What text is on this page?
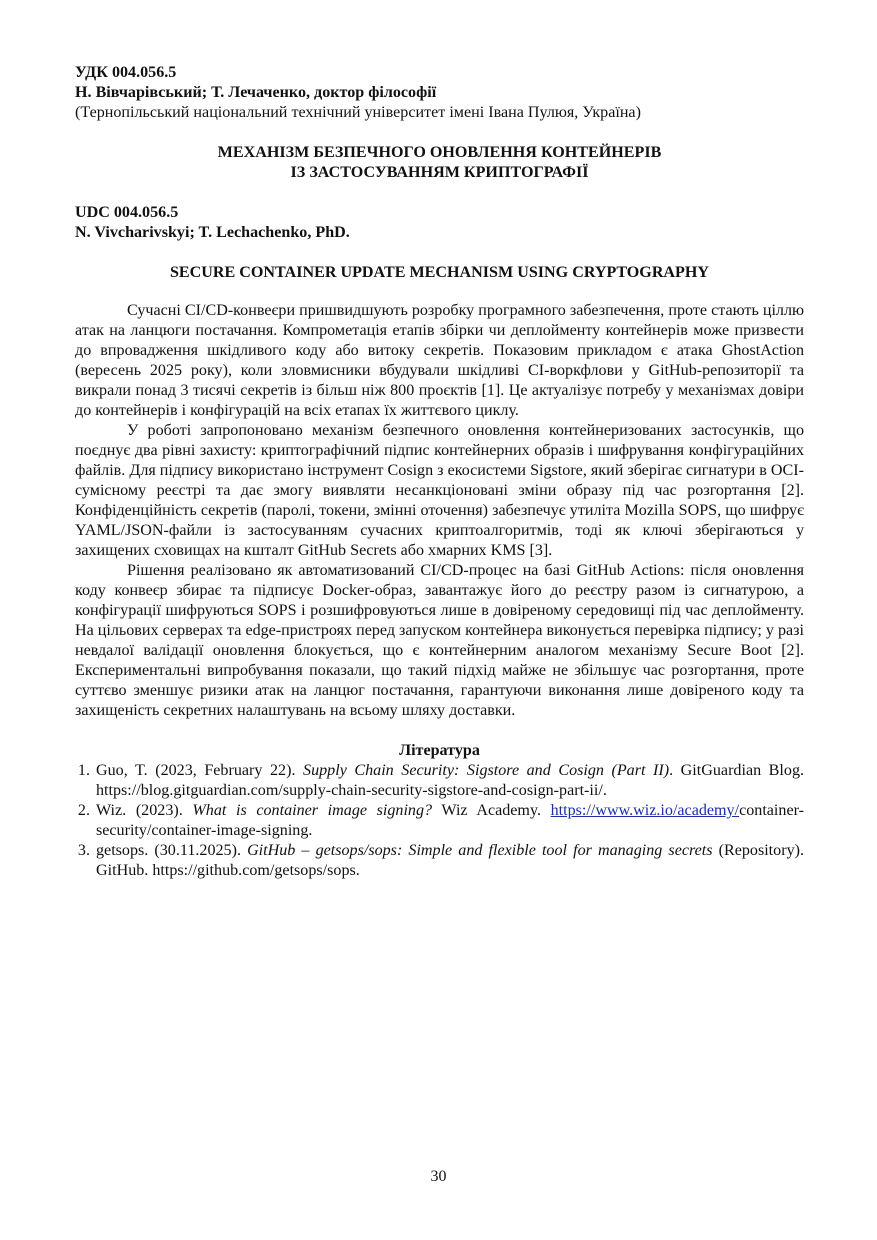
УДК 004.056.5
Н. Вівчарівський; Т. Лечаченко, доктор філософії
(Тернопільський національний технічний університет імені Івана Пулюя, Україна)
МЕХАНІЗМ БЕЗПЕЧНОГО ОНОВЛЕННЯ КОНТЕЙНЕРІВ
ІЗ ЗАСТОСУВАННЯМ КРИПТОГРАФІЇ
UDC 004.056.5
N. Vivcharivskyi; T. Lechachenko, PhD.
SECURE CONTAINER UPDATE MECHANISM USING CRYPTOGRAPHY

Сучасні CI/CD-конвеєри пришвидшують розробку програмного забезпечення, проте стають ціллю атак на ланцюги постачання. Компрометація етапів збірки чи деплойменту контейнерів може призвести до впровадження шкідливого коду або витоку секретів. Показовим прикладом є атака GhostAction (вересень 2025 року), коли зловмисники вбудували шкідливі CI-воркфлови у GitHub-репозиторії та викрали понад 3 тисячі секретів із більш ніж 800 проєктів [1]. Це актуалізує потребу у механізмах довіри до контейнерів і конфігурацій на всіх етапах їх життєвого циклу.

У роботі запропоновано механізм безпечного оновлення контейнеризованих застосунків, що поєднує два рівні захисту: криптографічний підпис контейнерних образів і шифрування конфігураційних файлів. Для підпису використано інструмент Cosign з екосистеми Sigstore, який зберігає сигнатури в OCI-сумісному реєстрі та дає змогу виявляти несанкціоновані зміни образу під час розгортання [2]. Конфіденційність секретів (паролі, токени, змінні оточення) забезпечує утиліта Mozilla SOPS, що шифрує YAML/JSON-файли із застосуванням сучасних криптоалгоритмів, тоді як ключі зберігаються у захищених сховищах на кшталт GitHub Secrets або хмарних KMS [3].

Рішення реалізовано як автоматизований CI/CD-процес на базі GitHub Actions: після оновлення коду конвеєр збирає та підписує Docker-образ, завантажує його до реєстру разом із сигнатурою, а конфігурації шифруються SOPS і розшифровуються лише в довіреному середовищі під час деплойменту. На цільових серверах та edge-пристроях перед запуском контейнера виконується перевірка підпису; у разі невдалої валідації оновлення блокується, що є контейнерним аналогом механізму Secure Boot [2]. Експериментальні випробування показали, що такий підхід майже не збільшує час розгортання, проте суттєво зменшує ризики атак на ланцюг постачання, гарантуючи виконання лише довіреного коду та захищеність секретних налаштувань на всьому шляху доставки.

Література
1. Guo, T. (2023, February 22). Supply Chain Security: Sigstore and Cosign (Part II). GitGuardian Blog. https://blog.gitguardian.com/supply-chain-security-sigstore-and-cosign-part-ii/.
2. Wiz. (2023). What is container image signing? Wiz Academy. https://www.wiz.io/academy/container-security/container-image-signing.
3. getsops. (30.11.2025). GitHub – getsops/sops: Simple and flexible tool for managing secrets (Repository). GitHub. https://github.com/getsops/sops.
30
